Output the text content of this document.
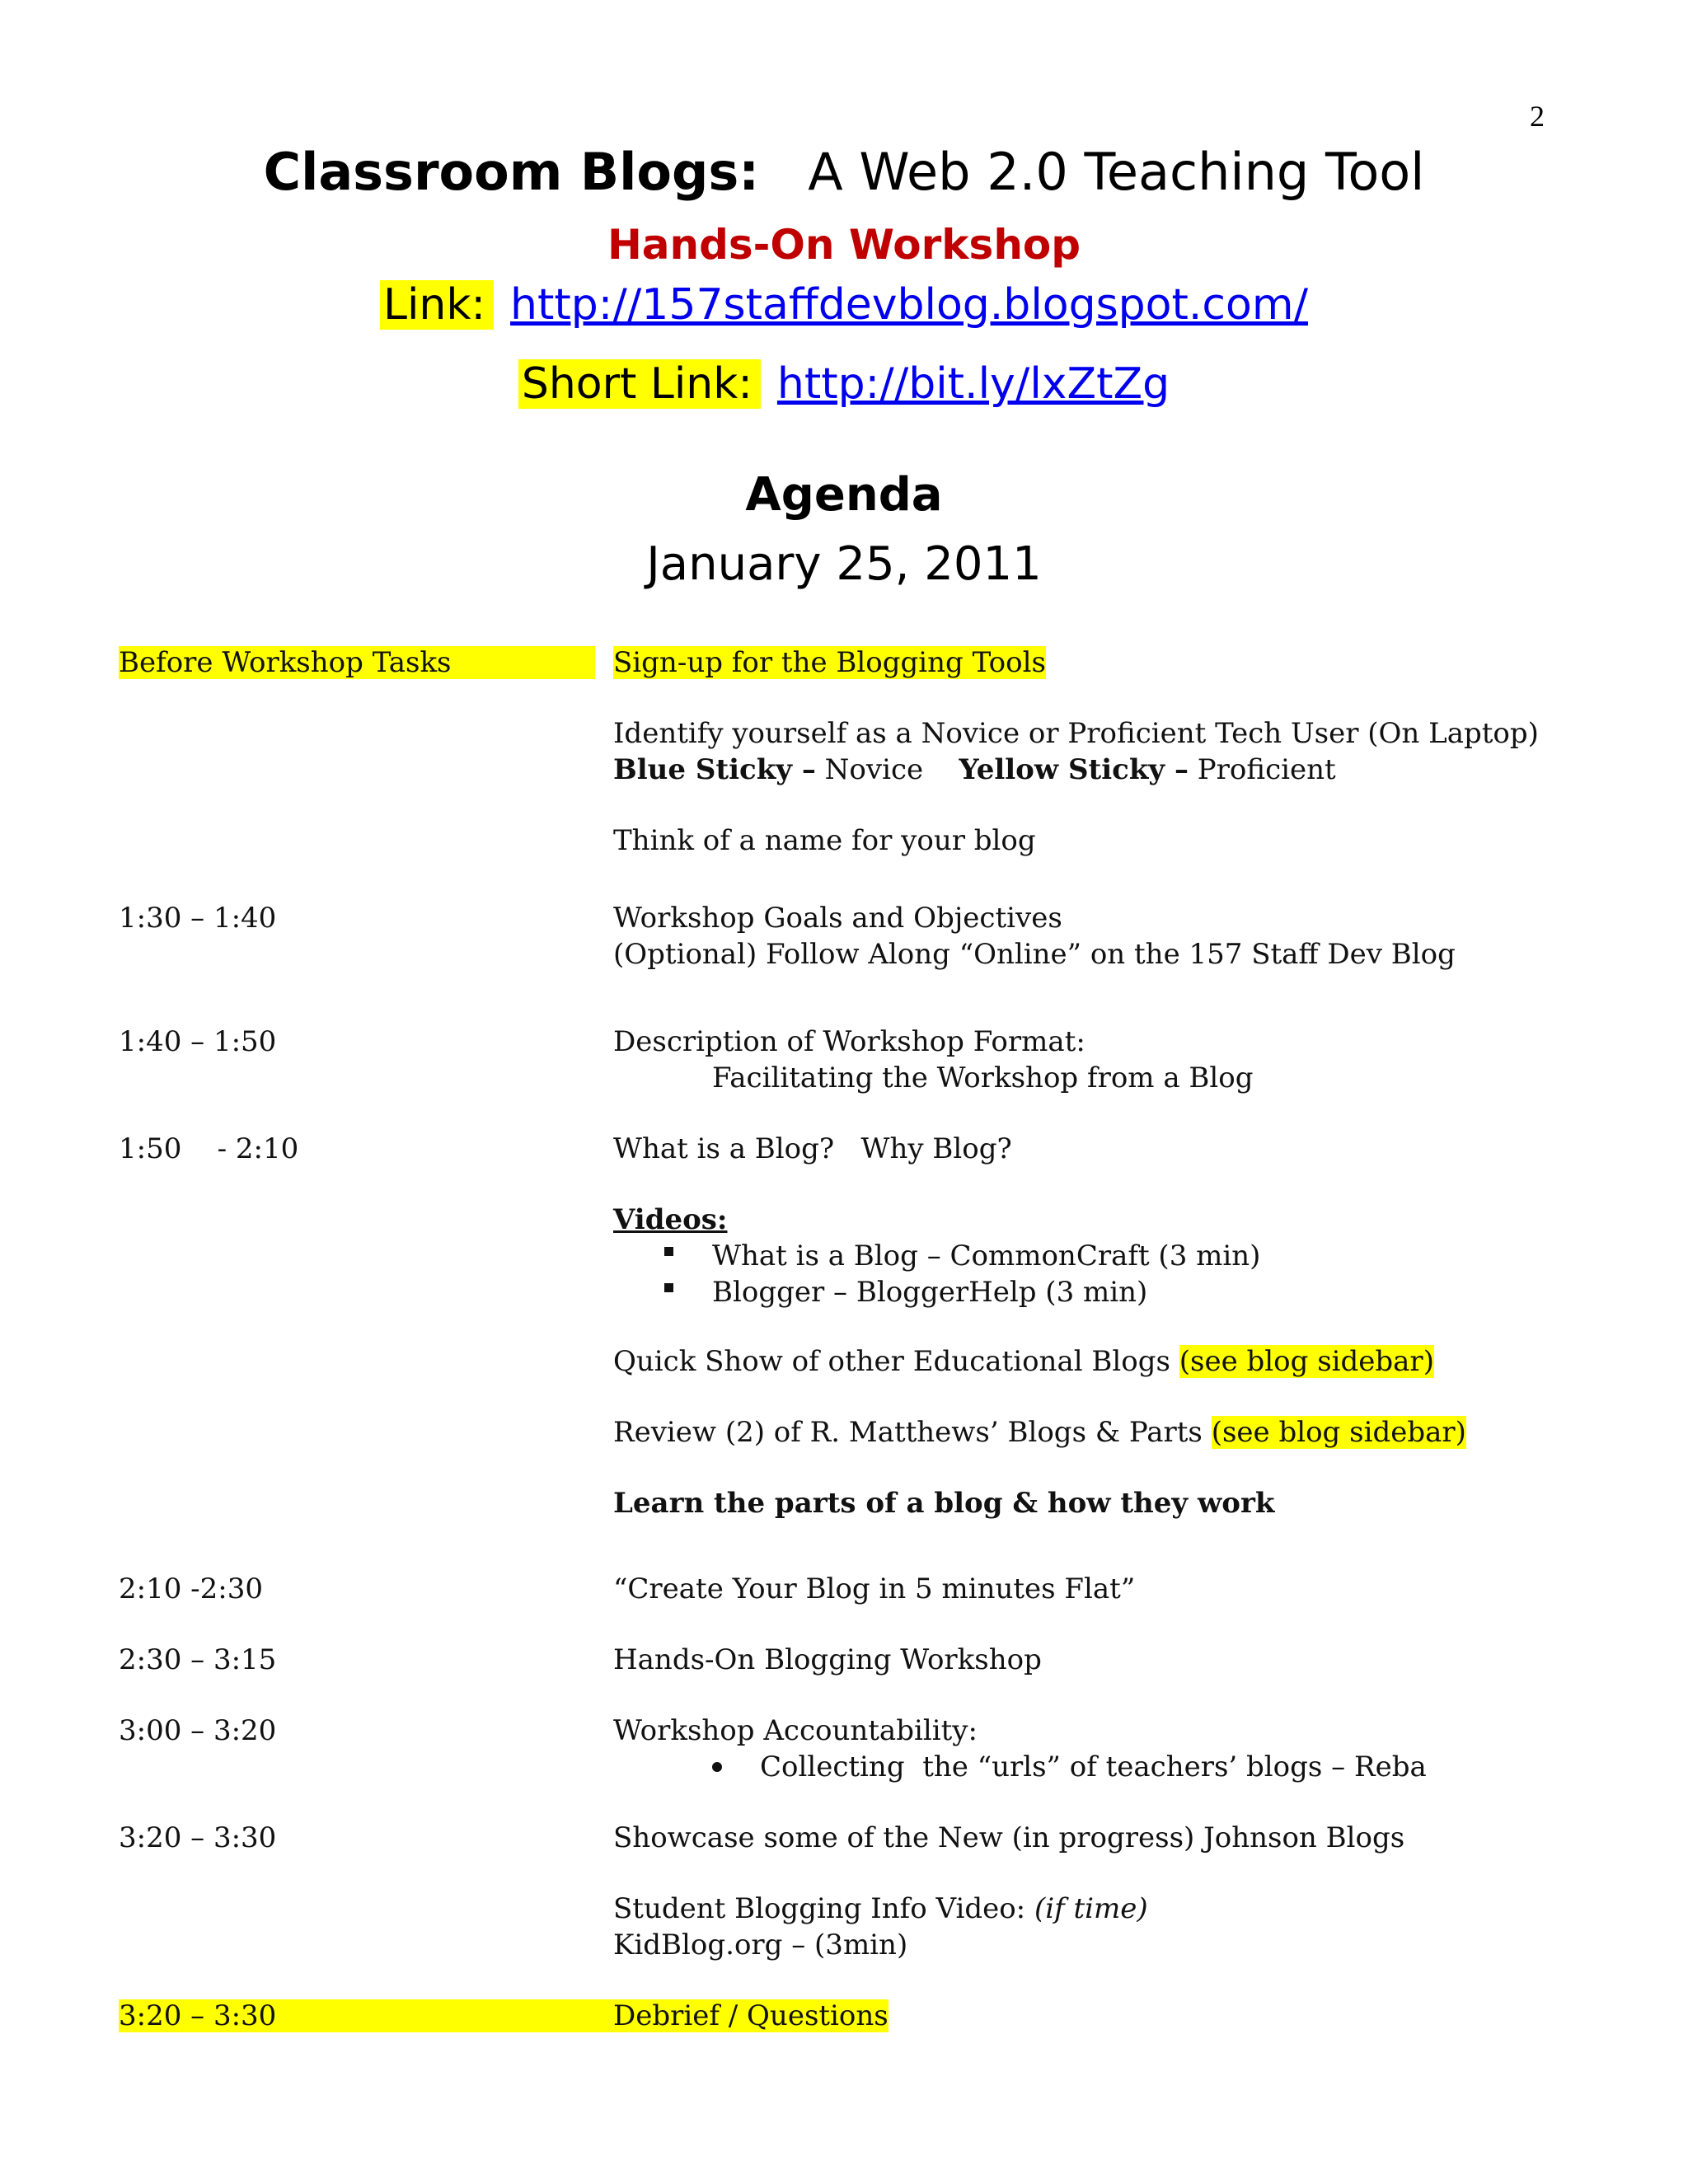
2
Classroom Blogs: A Web 2.0 Teaching Tool
Hands-On Workshop
Link: http://157staffdevblog.blogspot.com/
Short Link: http://bit.ly/lxZtZg
Agenda
January 25, 2011
Before Workshop Tasks	Sign-up for the Blogging Tools
Identify yourself as a Novice or Proficient Tech User (On Laptop)
Blue Sticky – Novice Yellow Sticky – Proficient
Think of a name for your blog
1:30 – 1:40	Workshop Goals and Objectives
(Optional) Follow Along “Online” on the 157 Staff Dev Blog
1:40 – 1:50	Description of Workshop Format:
Facilitating the Workshop from a Blog
1:50    - 2:10	What is a Blog?   Why Blog?
Videos:
What is a Blog – CommonCraft (3 min)
Blogger – BloggerHelp (3 min)
Quick Show of other Educational Blogs (see blog sidebar)
Review (2) of R. Matthews’ Blogs & Parts (see blog sidebar)
Learn the parts of a blog & how they work
2:10 -2:30	“Create Your Blog in 5 minutes Flat”
2:30 – 3:15	Hands-On Blogging Workshop
3:00 – 3:20	Workshop Accountability:
Collecting  the “urls” of teachers’ blogs – Reba
3:20 – 3:30	Showcase some of the New (in progress) Johnson Blogs
Student Blogging Info Video: (if time)
KidBlog.org – (3min)
3:20 – 3:30	Debrief / Questions
